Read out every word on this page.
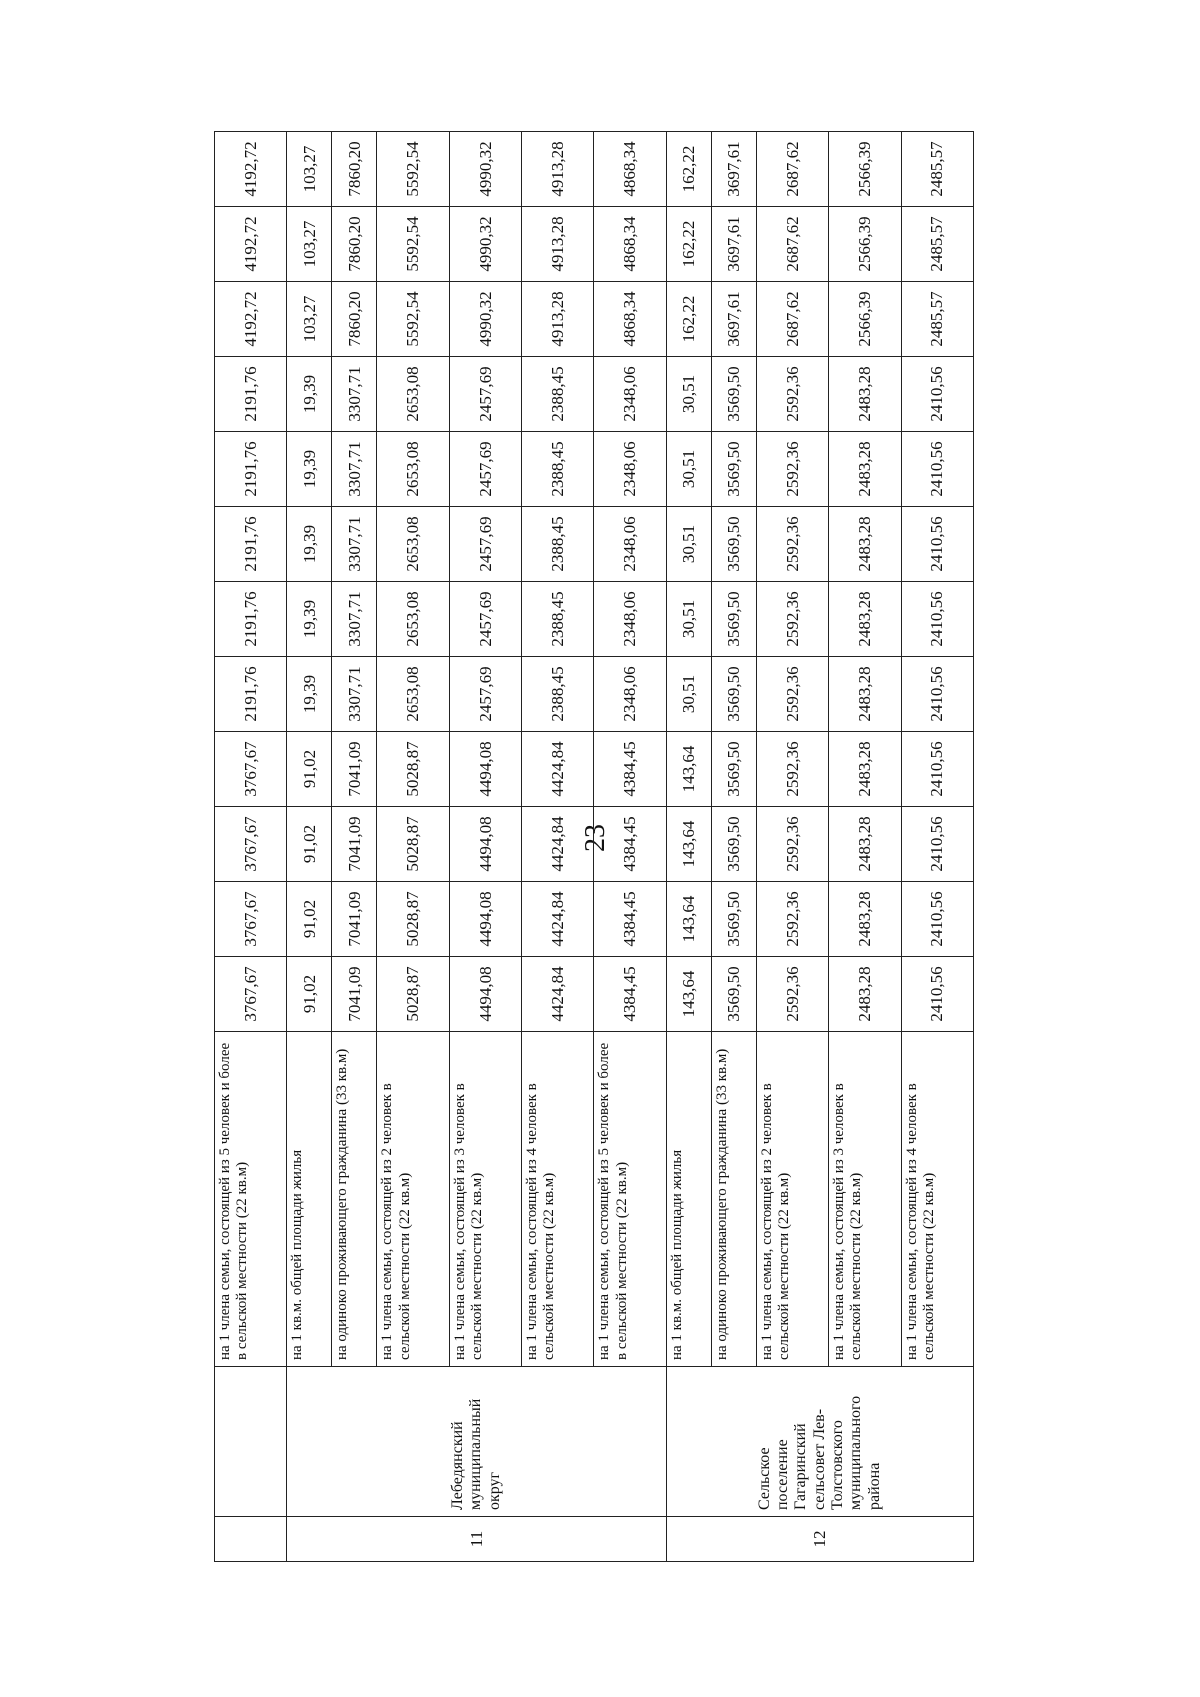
23
		на 1 члена семьи, состоящей из 5 человек и более в сельской местности (22 кв.м)	3767,67	3767,67	3767,67	3767,67	2191,76	2191,76	2191,76	2191,76	2191,76	4192,72	4192,72	4192,72
11	Лебедянский муниципальный округ	на 1 кв.м. общей площади жилья	91,02	91,02	91,02	91,02	19,39	19,39	19,39	19,39	19,39	103,27	103,27	103,27
		на одиноко проживающего гражданина (33 кв.м)	7041,09	7041,09	7041,09	7041,09	3307,71	3307,71	3307,71	3307,71	3307,71	7860,20	7860,20	7860,20
		на 1 члена семьи, состоящей из 2 человек в сельской местности (22 кв.м)	5028,87	5028,87	5028,87	5028,87	2653,08	2653,08	2653,08	2653,08	2653,08	5592,54	5592,54	5592,54
		на 1 члена семьи, состоящей из 3 человек в сельской местности (22 кв.м)	4494,08	4494,08	4494,08	4494,08	2457,69	2457,69	2457,69	2457,69	2457,69	4990,32	4990,32	4990,32
		на 1 члена семьи, состоящей из 4 человек в сельской местности (22 кв.м)	4424,84	4424,84	4424,84	4424,84	2388,45	2388,45	2388,45	2388,45	2388,45	4913,28	4913,28	4913,28
		на 1 члена семьи, состоящей из 5 человек и более в сельской местности (22 кв.м)	4384,45	4384,45	4384,45	4384,45	2348,06	2348,06	2348,06	2348,06	2348,06	4868,34	4868,34	4868,34
12	Сельское поселение Гагаринский сельсовет Лев-Толстовского муниципального района	на 1 кв.м. общей площади жилья	143,64	143,64	143,64	143,64	30,51	30,51	30,51	30,51	30,51	162,22	162,22	162,22
		на одиноко проживающего гражданина (33 кв.м)	3569,50	3569,50	3569,50	3569,50	3569,50	3569,50	3569,50	3569,50	3569,50	3697,61	3697,61	3697,61
		на 1 члена семьи, состоящей из 2 человек в сельской местности (22 кв.м)	2592,36	2592,36	2592,36	2592,36	2592,36	2592,36	2592,36	2592,36	2592,36	2687,62	2687,62	2687,62
		на 1 члена семьи, состоящей из 3 человек в сельской местности (22 кв.м)	2483,28	2483,28	2483,28	2483,28	2483,28	2483,28	2483,28	2483,28	2483,28	2566,39	2566,39	2566,39
		на 1 члена семьи, состоящей из 4 человек в сельской местности (22 кв.м)	2410,56	2410,56	2410,56	2410,56	2410,56	2410,56	2410,56	2410,56	2410,56	2485,57	2485,57	2485,57
